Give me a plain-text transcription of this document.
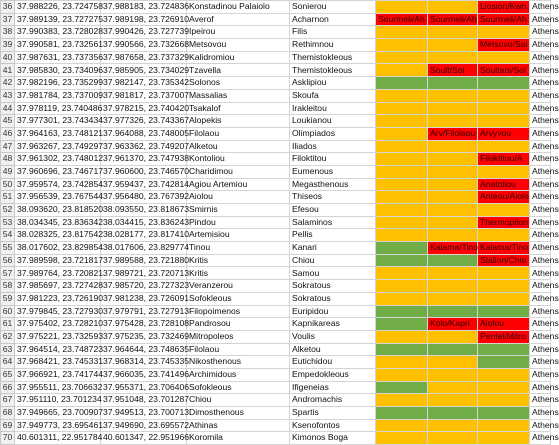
36	37.988226, 23.724758	37.988183, 23.724836	Konstadinou Palaiolo	Sonierou			Liosion/Kwn	Athens
37	37.989139, 23.727275	37.989198, 23.726910	Averof	Acharnon	Sourmeli/Ah	Sourmeli/Ah	Sourmeli/Ah	Athens
38	37.990383, 23.728028	37.990426, 23.727739	Ipeirou	Filis				Athens
39	37.990581, 23.732561	37.990566, 23.732668	Metsovou	Rethimnou			Metsovo/Sai	Athens
40	37.987631, 23.737356	37.987658, 23.737329	Kalidromiou	Themistokleous				Athens
41	37.985830, 23.734096	37.985905, 23.734029	Tzavella	Themistokleous		Soult/Sol	Soultani/Sol	Athens
42	37.982196, 23.735299	37.982147, 23.735342	Solonos	Asklipiou				Athens
43	37.981784, 23.737009	37.981817, 23.737007	Massalias	Skoufa				Athens
44	37.978119, 23.740486	37.978215, 23.740420	Tsakalof	Irakleitou				Athens
45	37.977301, 23.743434	37.977326, 23.743367	Alopekis	Loukianou				Athens
46	37.964163, 23.748121	37.964088, 23.748005	Filolaou	Olimpiados		Arv/Filolaou	Arvyvou	Athens
47	37.963267, 23.749297	37.963362, 23.749207	Alketou	Iliados				Athens
48	37.961302, 23.748012	37.961370, 23.747938	Kontoliou	Filoktitou			Filoktitou/A	Athens
49	37.960696, 23.746717	37.960600, 23.746570	Charidimou	Eumenous				Athens
50	37.959574, 23.742854	37.959437, 23.742814	Agiou Artemiou	Megasthenous			Anatoliou	Athens
51	37.956539, 23.767544	37.956480, 23.767392	Aiolou	Thiseos			Anteou/Aiolo	Athens
52	38.093620, 23.818520	38.093550, 23.818673	Smirnis	Efesou				Athens
53	38.034345, 23.836342	38.034415, 23.836243	Pindou	Salaminos			Thermopilon	Athens
54	38.028325, 23.817542	38.028177, 23.817410	Artemisiou	Pellis				Athens
55	38.017602, 23.829854	38.017606, 23.829774	Tinou	Kanari		Kalama/Tino	Kalama/Tino	Athens
56	37.989598, 23.721817	37.989588, 23.721880	Kritis	Chiou			Stalion/Chio	Athens
57	37.989764, 23.720821	37.989721, 23.720713	Kritis	Samou				Athens
58	37.985697, 23.727428	37.985720, 23.727323	Veranzerou	Sokratous				Athens
59	37.981223, 23.726190	37.981238, 23.726091	Sofokleous	Sokratous				Athens
60	37.979845, 23.727930	37.979791, 23.727913	Filopoimenos	Euripidou				Athens
61	37.975402, 23.728210	37.975428, 23.728108	Pandrosou	Kapnikareas		Kolo/Kapri	Aiolou	Athens
62	37.975221, 23.732593	37.975235, 23.732469	Mitropoleos	Voulis			Pentel/Mitro	Athens
63	37.964514, 23.748723	37.964644, 23.748635	Filolaou	Alketou				Athens
64	37.968421, 23.745331	37.968314, 23.745335	Nikosthenous	Eutichidou				Athens
65	37.966921, 23.741744	37.966035, 23.741496	Archimidous	Empedokleous				Athens
66	37.955511, 23.706632	37.955371, 23.706406	Sofokleous	Ifigeneias				Athens
67	37.951110, 23.701234	37.951048, 23.701287	Chiou	Andromachis				Athens
68	37.949665, 23.700907	37.949513, 23.700713	Dimosthenous	Spartis				Athens
69	37.949773, 23.695461	37.949690, 23.695572	Athinas	Ksenofontos				Athens
70	40.601311, 22.951784	40.601347, 22.951966	Koromila	Kimonos Boga				Athens
